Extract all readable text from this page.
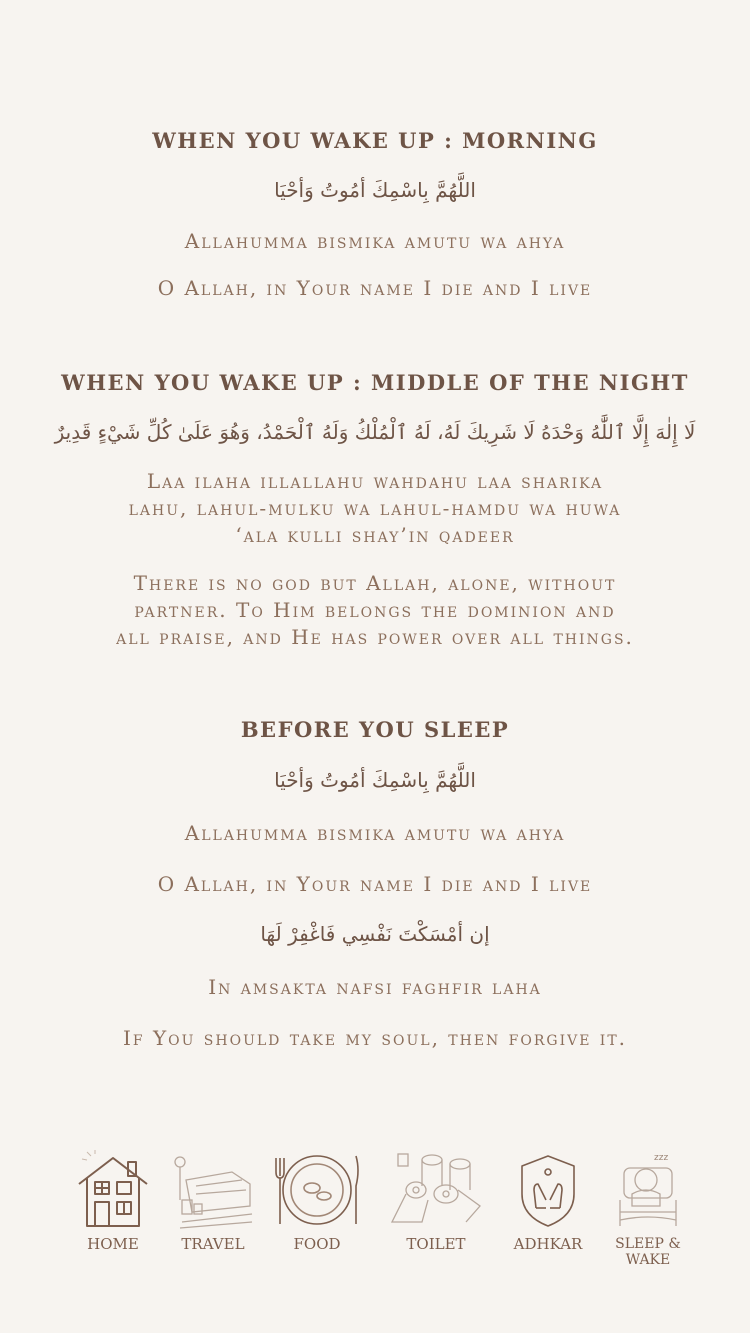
WHEN YOU WAKE UP : MORNING
اللَّهُمَّ بِاسْمِكَ أمُوتُ وَأحْيَا
Allahumma bismika amutu wa ahya
O Allah, in Your name I die and I live
WHEN YOU WAKE UP : MIDDLE OF THE NIGHT
لَا إِلٰهَ إِلَّا ٱللَّٰهُ وَحْدَهُ لَا شَرِيكَ لَهُ، لَهُ ٱلْمُلْكُ وَلَهُ ٱلْحَمْدُ، وَهُوَ عَلَىٰ كُلِّ شَيْءٍ قَدِيرٌ
Laa ilaha illallahu wahdahu laa sharika
lahu, lahul-mulku wa lahul-hamdu wa huwa
‘ala kulli shay’in qadeer
There is no god but Allah, alone, without
partner. To Him belongs the dominion and
all praise, and He has power over all things.
BEFORE YOU SLEEP
اللَّهُمَّ بِاسْمِكَ أمُوتُ وَأحْيَا
Allahumma bismika amutu wa ahya
O Allah, in Your name I die and I live
إن أمْسَكْتَ نَفْسِي فَاغْفِرْ لَهَا
In amsakta nafsi faghfir laha
If You should take my soul, then forgive it.
HOME	TRAVEL	FOOD	TOILET	ADHKAR
zzz
SLEEP &
WAKE
